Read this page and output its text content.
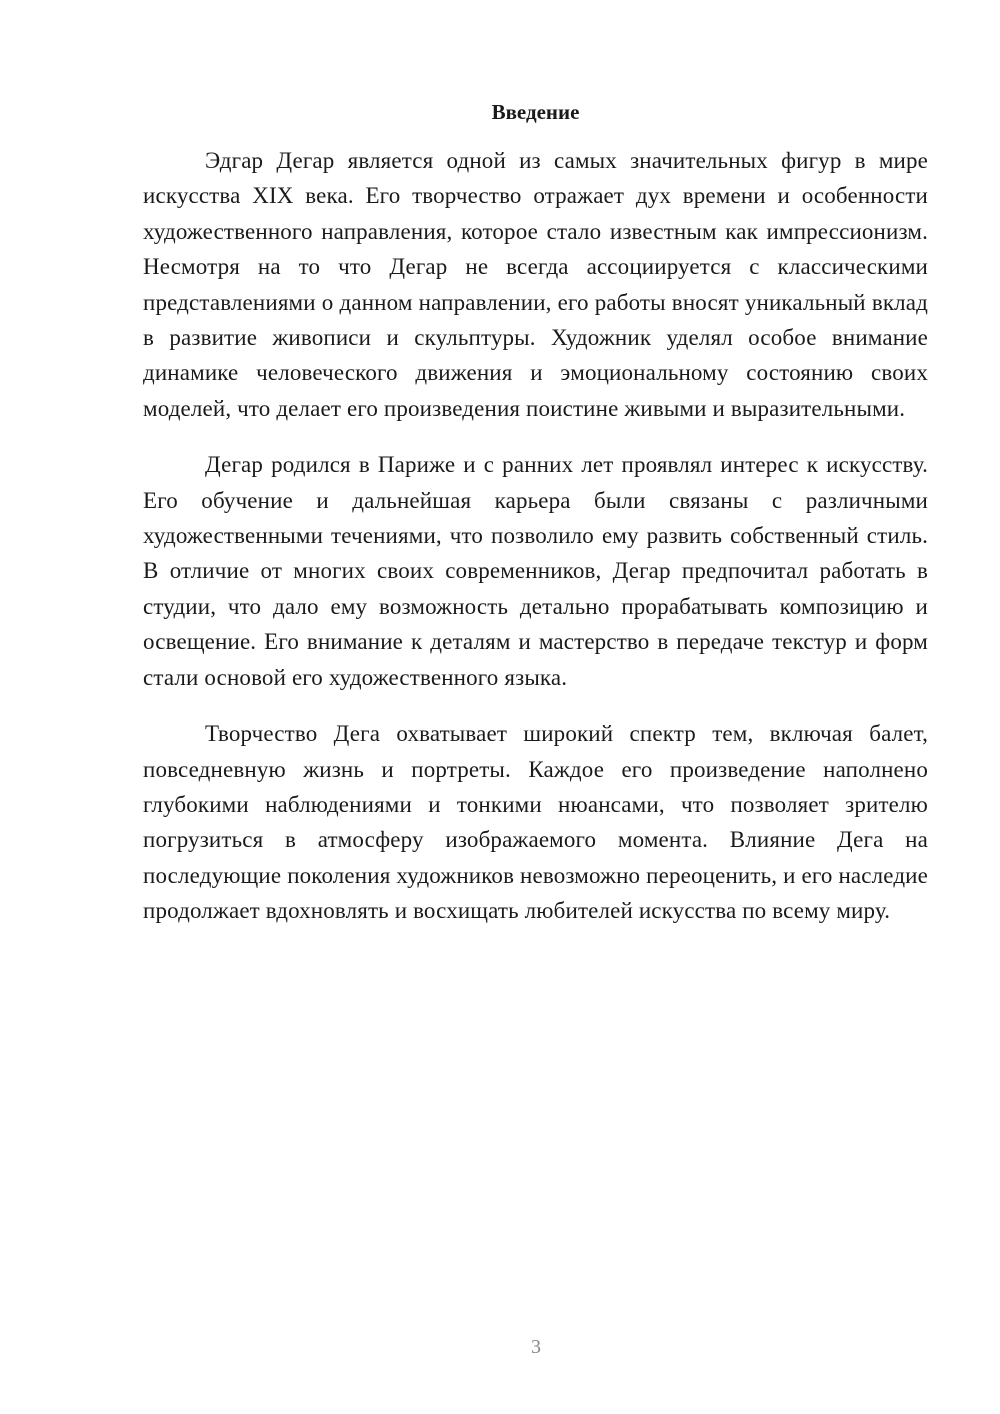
Введение

Эдгар Дегар является одной из самых значительных фигур в мире искусства XIX века. Его творчество отражает дух времени и особенности художественного направления, которое стало известным как импрессионизм. Несмотря на то что Дегар не всегда ассоциируется с классическими представлениями о данном направлении, его работы вносят уникальный вклад в развитие живописи и скульптуры. Художник уделял особое внимание динамике человеческого движения и эмоциональному состоянию своих моделей, что делает его произведения поистине живыми и выразительными.

Дегар родился в Париже и с ранних лет проявлял интерес к искусству. Его обучение и дальнейшая карьера были связаны с различными художественными течениями, что позволило ему развить собственный стиль. В отличие от многих своих современников, Дегар предпочитал работать в студии, что дало ему возможность детально прорабатывать композицию и освещение. Его внимание к деталям и мастерство в передаче текстур и форм стали основой его художественного языка.

Творчество Дега охватывает широкий спектр тем, включая балет, повседневную жизнь и портреты. Каждое его произведение наполнено глубокими наблюдениями и тонкими нюансами, что позволяет зрителю погрузиться в атмосферу изображаемого момента. Влияние Дега на последующие поколения художников невозможно переоценить, и его наследие продолжает вдохновлять и восхищать любителей искусства по всему миру.

3
